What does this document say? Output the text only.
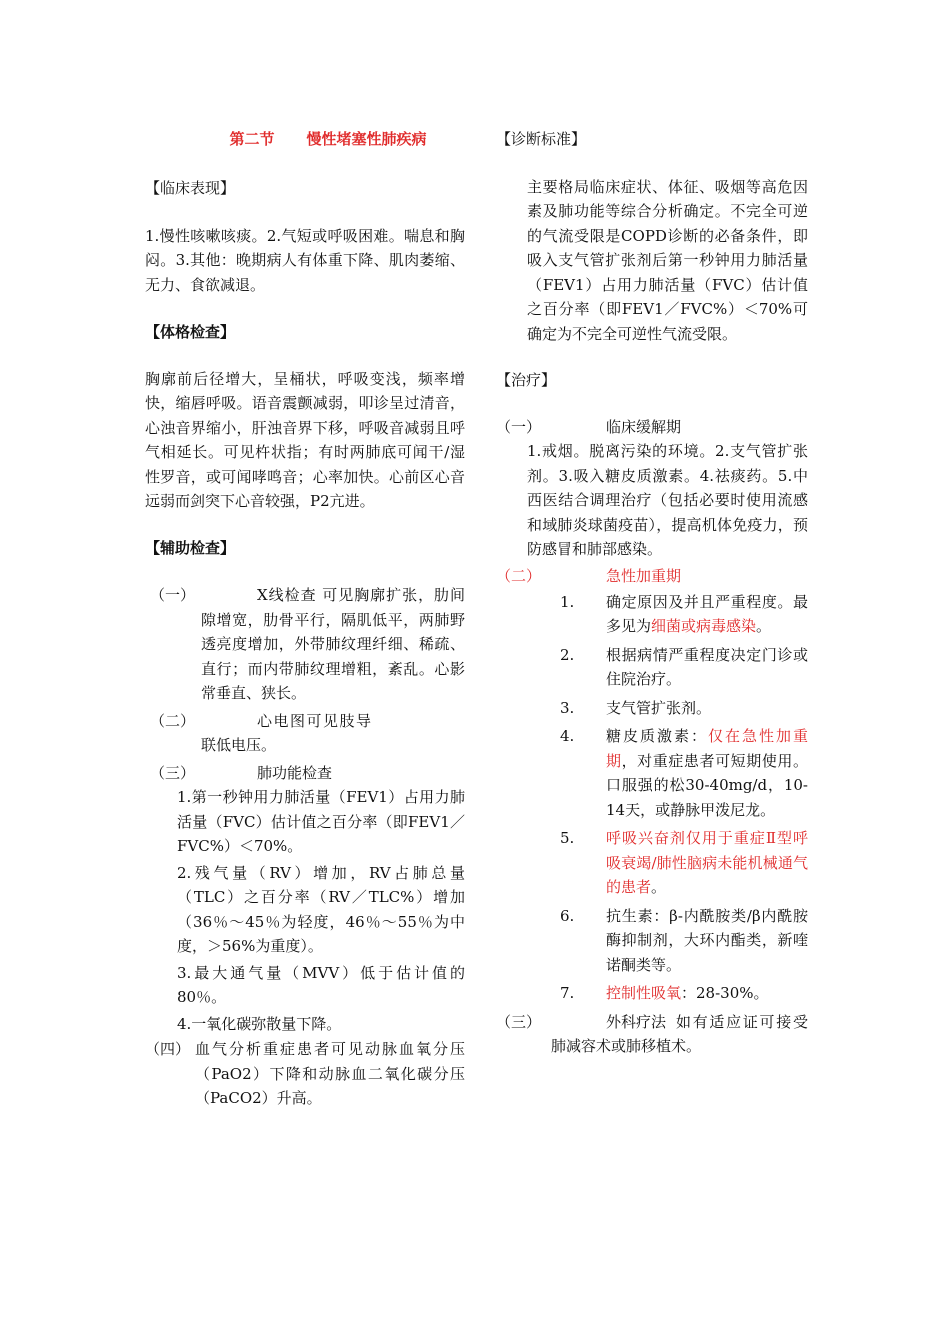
第二节 慢性堵塞性肺疾病

【临床表现】

1.慢性咳嗽咳痰。2.气短或呼吸困难。喘息和胸闷。3.其他：晚期病人有体重下降、肌肉萎缩、无力、食欲减退。

【体格检查】

胸廓前后径增大，呈桶状，呼吸变浅，频率增快，缩唇呼吸。语音震颤减弱，叩诊呈过清音，心浊音界缩小，肝浊音界下移，呼吸音减弱且呼气相延长。可见杵状指；有时两肺底可闻干/湿性罗音，或可闻哮鸣音；心率加快。心前区心音远弱而剑突下心音较强，P2亢进。

【辅助检查】

（一）	X线检查 可见胸廓扩张，肋间隙增宽，肋骨平行，隔肌低平，两肺野透亮度增加，外带肺纹理纤细、稀疏、直行；而内带肺纹理增粗，紊乱。心影常垂直、狭长。

（二）	心电图可见肢导联低电压。

（三）	肺功能检查

1.第一秒钟用力肺活量（FEV1）占用力肺活量（FVC）估计值之百分率（即FEV1／FVC%）＜70%。

2.残气量（RV）增加，RV占肺总量（TLC）之百分率（RV／TLC%）增加（36％～45％为轻度，46％～55％为中度，＞56%为重度）。

3.最大通气量（MVV）低于估计值的80％。

4.一氧化碳弥散量下降。

（四） 血气分析重症患者可见动脉血氧分压（PaO2）下降和动脉血二氧化碳分压（PaCO2）升高。

【诊断标准】

主要格局临床症状、体征、吸烟等高危因素及肺功能等综合分析确定。不完全可逆的气流受限是COPD诊断的必备条件，即吸入支气管扩张剂后第一秒钟用力肺活量（FEV1）占用力肺活量（FVC）估计值之百分率（即FEV1／FVC%）＜70%可确定为不完全可逆性气流受限。

【治疗】

（一）	临床缓解期

1.戒烟。脱离污染的环境。2.支气管扩张剂。3.吸入糖皮质激素。4.祛痰药。5.中西医结合调理治疗（包括必要时使用流感和域肺炎球菌疫苗），提高机体免疫力，预防感冒和肺部感染。

（二）	急性加重期
1. 确定原因及并且严重程度。最多见为细菌或病毒感染。
2. 根据病情严重程度决定门诊或住院治疗。
3. 支气管扩张剂。
4. 糖皮质激素：仅在急性加重期，对重症患者可短期使用。口服强的松30-40mg/d，10-14天，或静脉甲泼尼龙。
5. 呼吸兴奋剂仅用于重症Ⅱ型呼吸衰竭/肺性脑病未能机械通气的患者。
6. 抗生素：β-内酰胺类/β内酰胺酶抑制剂，大环内酯类，新喹诺酮类等。
7. 控制性吸氧：28-30%。
（三）	外科疗法 如有适应证可接受肺减容术或肺移植术。
